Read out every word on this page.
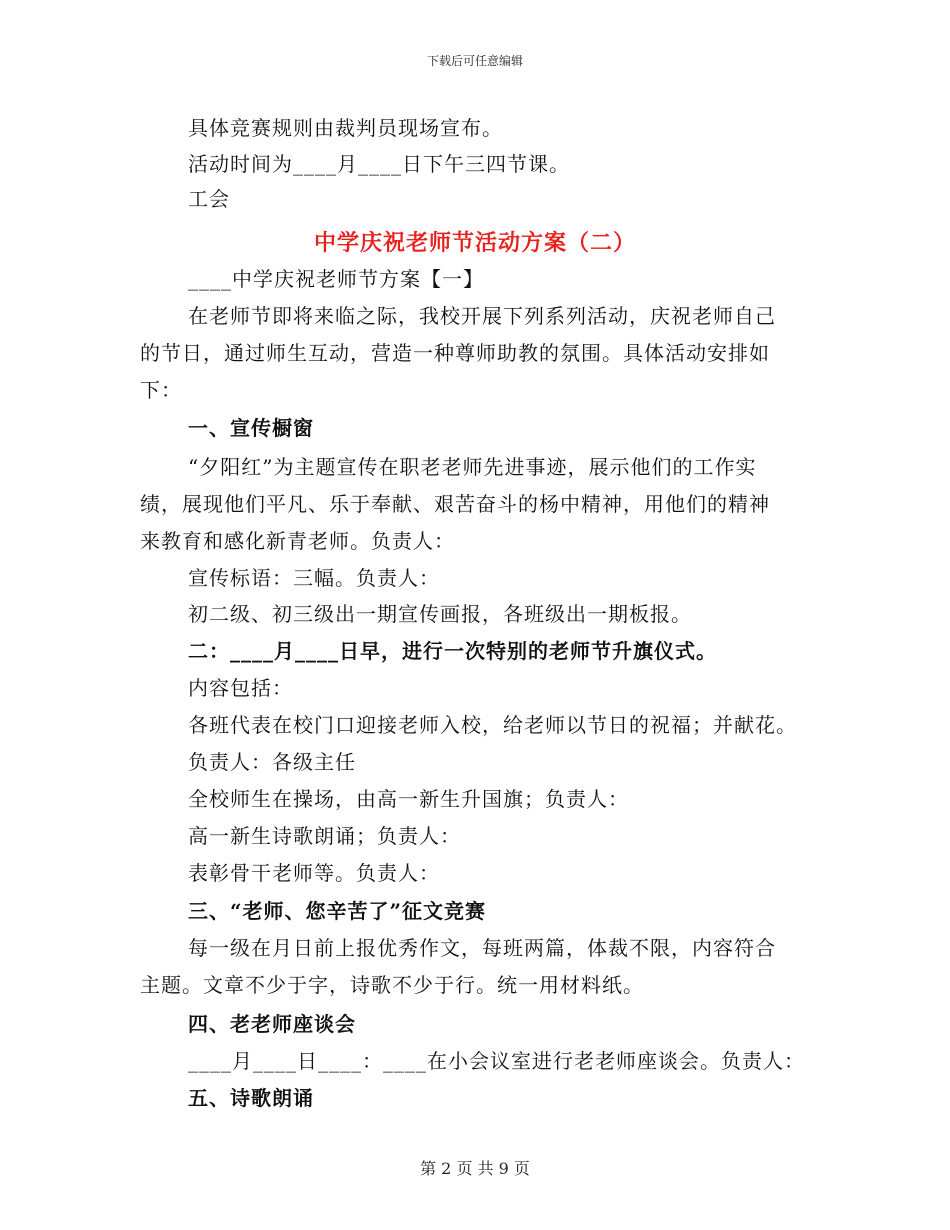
下载后可任意编辑
具体竞赛规则由裁判员现场宣布。
活动时间为____月____日下午三四节课。
工会
中学庆祝老师节活动方案（二）
____中学庆祝老师节方案【一】
在老师节即将来临之际，我校开展下列系列活动，庆祝老师自己
的节日，通过师生互动，营造一种尊师助教的氛围。具体活动安排如
下：
一、宣传橱窗
“夕阳红”为主题宣传在职老老师先进事迹，展示他们的工作实
绩，展现他们平凡、乐于奉献、艰苦奋斗的杨中精神，用他们的精神
来教育和感化新青老师。负责人：
宣传标语：三幅。负责人：
初二级、初三级出一期宣传画报，各班级出一期板报。
二：____月____日早，进行一次特别的老师节升旗仪式。
内容包括：
各班代表在校门口迎接老师入校，给老师以节日的祝福；并献花。
负责人：各级主任
全校师生在操场，由高一新生升国旗；负责人：
高一新生诗歌朗诵；负责人：
表彰骨干老师等。负责人：
三、“老师、您辛苦了”征文竞赛
每一级在月日前上报优秀作文，每班两篇，体裁不限，内容符合
主题。文章不少于字，诗歌不少于行。统一用材料纸。
四、老老师座谈会
____月____日____：____在小会议室进行老老师座谈会。负责人：
五、诗歌朗诵
第 2 页 共 9 页
